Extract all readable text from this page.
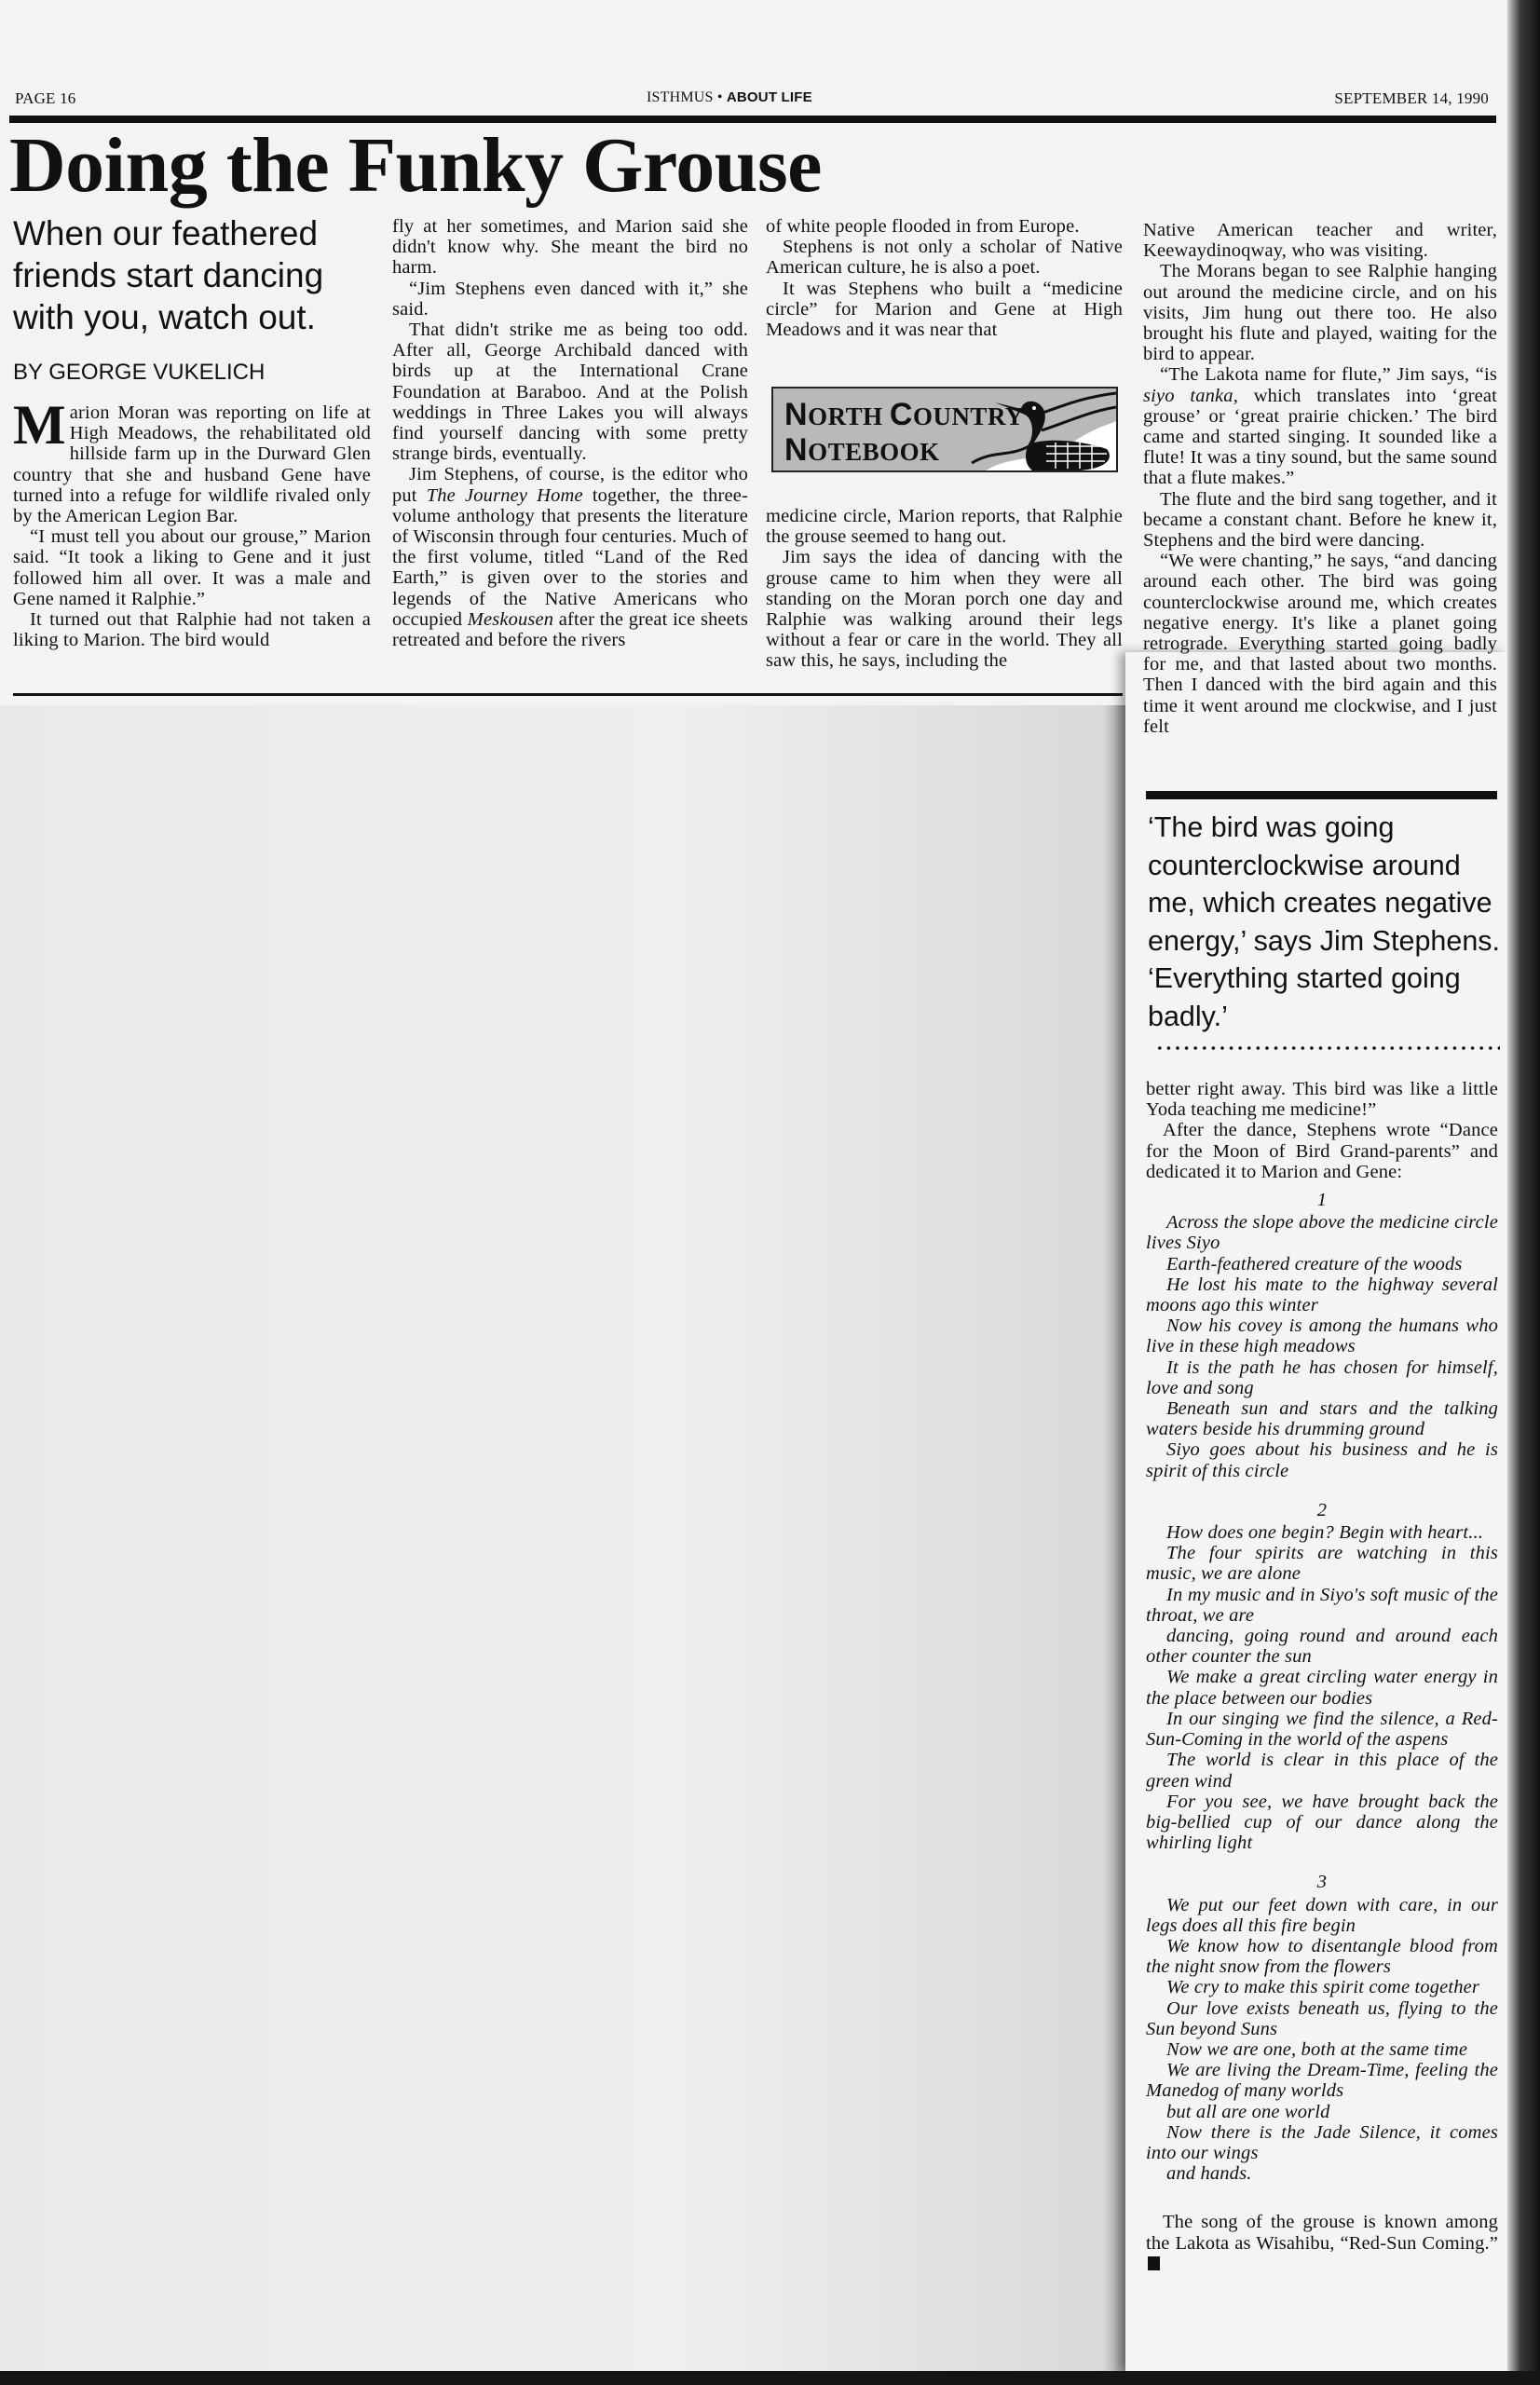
PAGE 16	ISTHMUS • ABOUT LIFE	SEPTEMBER 14, 1990
Doing the Funky Grouse
When our feathered friends start dancing with you, watch out.
BY GEORGE VUKELICH
M arion Moran was reporting on life at High Meadows, the rehabilitated old hillside farm up in the Durward Glen country that she and husband Gene have turned into a refuge for wildlife rivaled only by the American Legion Bar.

“I must tell you about our grouse,” Marion said. “It took a liking to Gene and it just followed him all over. It was a male and Gene named it Ralphie.”

It turned out that Ralphie had not taken a liking to Marion. The bird would

fly at her sometimes, and Marion said she didn't know why. She meant the bird no harm.

“Jim Stephens even danced with it,” she said.

That didn't strike me as being too odd. After all, George Archibald danced with birds up at the International Crane Foundation at Baraboo. And at the Polish weddings in Three Lakes you will always find yourself dancing with some pretty strange birds, eventually.

Jim Stephens, of course, is the editor who put The Journey Home together, the three-volume anthology that presents the literature of Wisconsin through four centuries. Much of the first volume, titled “Land of the Red Earth,” is given over to the stories and legends of the Native Americans who occupied Meskousen after the great ice sheets retreated and before the rivers

of white people flooded in from Europe.

Stephens is not only a scholar of Native American culture, he is also a poet.

It was Stephens who built a “medicine circle” for Marion and Gene at High Meadows and it was near that

NORTH COUNTRY
NOTEBOOK

medicine circle, Marion reports, that Ralphie the grouse seemed to hang out.

Jim says the idea of dancing with the grouse came to him when they were all standing on the Moran porch one day and Ralphie was walking around their legs without a fear or care in the world. They all saw this, he says, including the

Native American teacher and writer, Keewaydinoqway, who was visiting.

The Morans began to see Ralphie hanging out around the medicine circle, and on his visits, Jim hung out there too. He also brought his flute and played, waiting for the bird to appear.

“The Lakota name for flute,” Jim says, “is siyo tanka, which translates into ‘great grouse’ or ‘great prairie chicken.’ The bird came and started singing. It sounded like a flute! It was a tiny sound, but the same sound that a flute makes.”

The flute and the bird sang together, and it became a constant chant. Before he knew it, Stephens and the bird were dancing.

“We were chanting,” he says, “and dancing around each other. The bird was going counterclockwise around me, which creates negative energy. It's like a planet going retrograde. Everything started going badly for me, and that lasted about two months. Then I danced with the bird again and this time it went around me clockwise, and I just felt

‘The bird was going counterclockwise around me, which creates negative energy,’ says Jim Stephens. ‘Everything started going badly.’

better right away. This bird was like a little Yoda teaching me medicine!”

After the dance, Stephens wrote “Dance for the Moon of Bird Grand-parents” and dedicated it to Marion and Gene:

1

Across the slope above the medicine circle lives Siyo

Earth-feathered creature of the woods

He lost his mate to the highway several moons ago this winter

Now his covey is among the humans who live in these high meadows

It is the path he has chosen for himself, love and song

Beneath sun and stars and the talking waters beside his drumming ground

Siyo goes about his business and he is spirit of this circle

2

How does one begin? Begin with heart...

The four spirits are watching in this music, we are alone

In my music and in Siyo's soft music of the throat, we are

dancing, going round and around each other counter the sun

We make a great circling water energy in the place between our bodies

In our singing we find the silence, a Red-Sun-Coming in the world of the aspens

The world is clear in this place of the green wind

For you see, we have brought back the big-bellied cup of our dance along the whirling light

3

We put our feet down with care, in our legs does all this fire begin

We know how to disentangle blood from the night snow from the flowers

We cry to make this spirit come together

Our love exists beneath us, flying to the Sun beyond Suns

Now we are one, both at the same time

We are living the Dream-Time, feeling the Manedog of many worlds

but all are one world

Now there is the Jade Silence, it comes into our wings

and hands.

The song of the grouse is known among the Lakota as Wisahibu, “Red-Sun Coming.”
